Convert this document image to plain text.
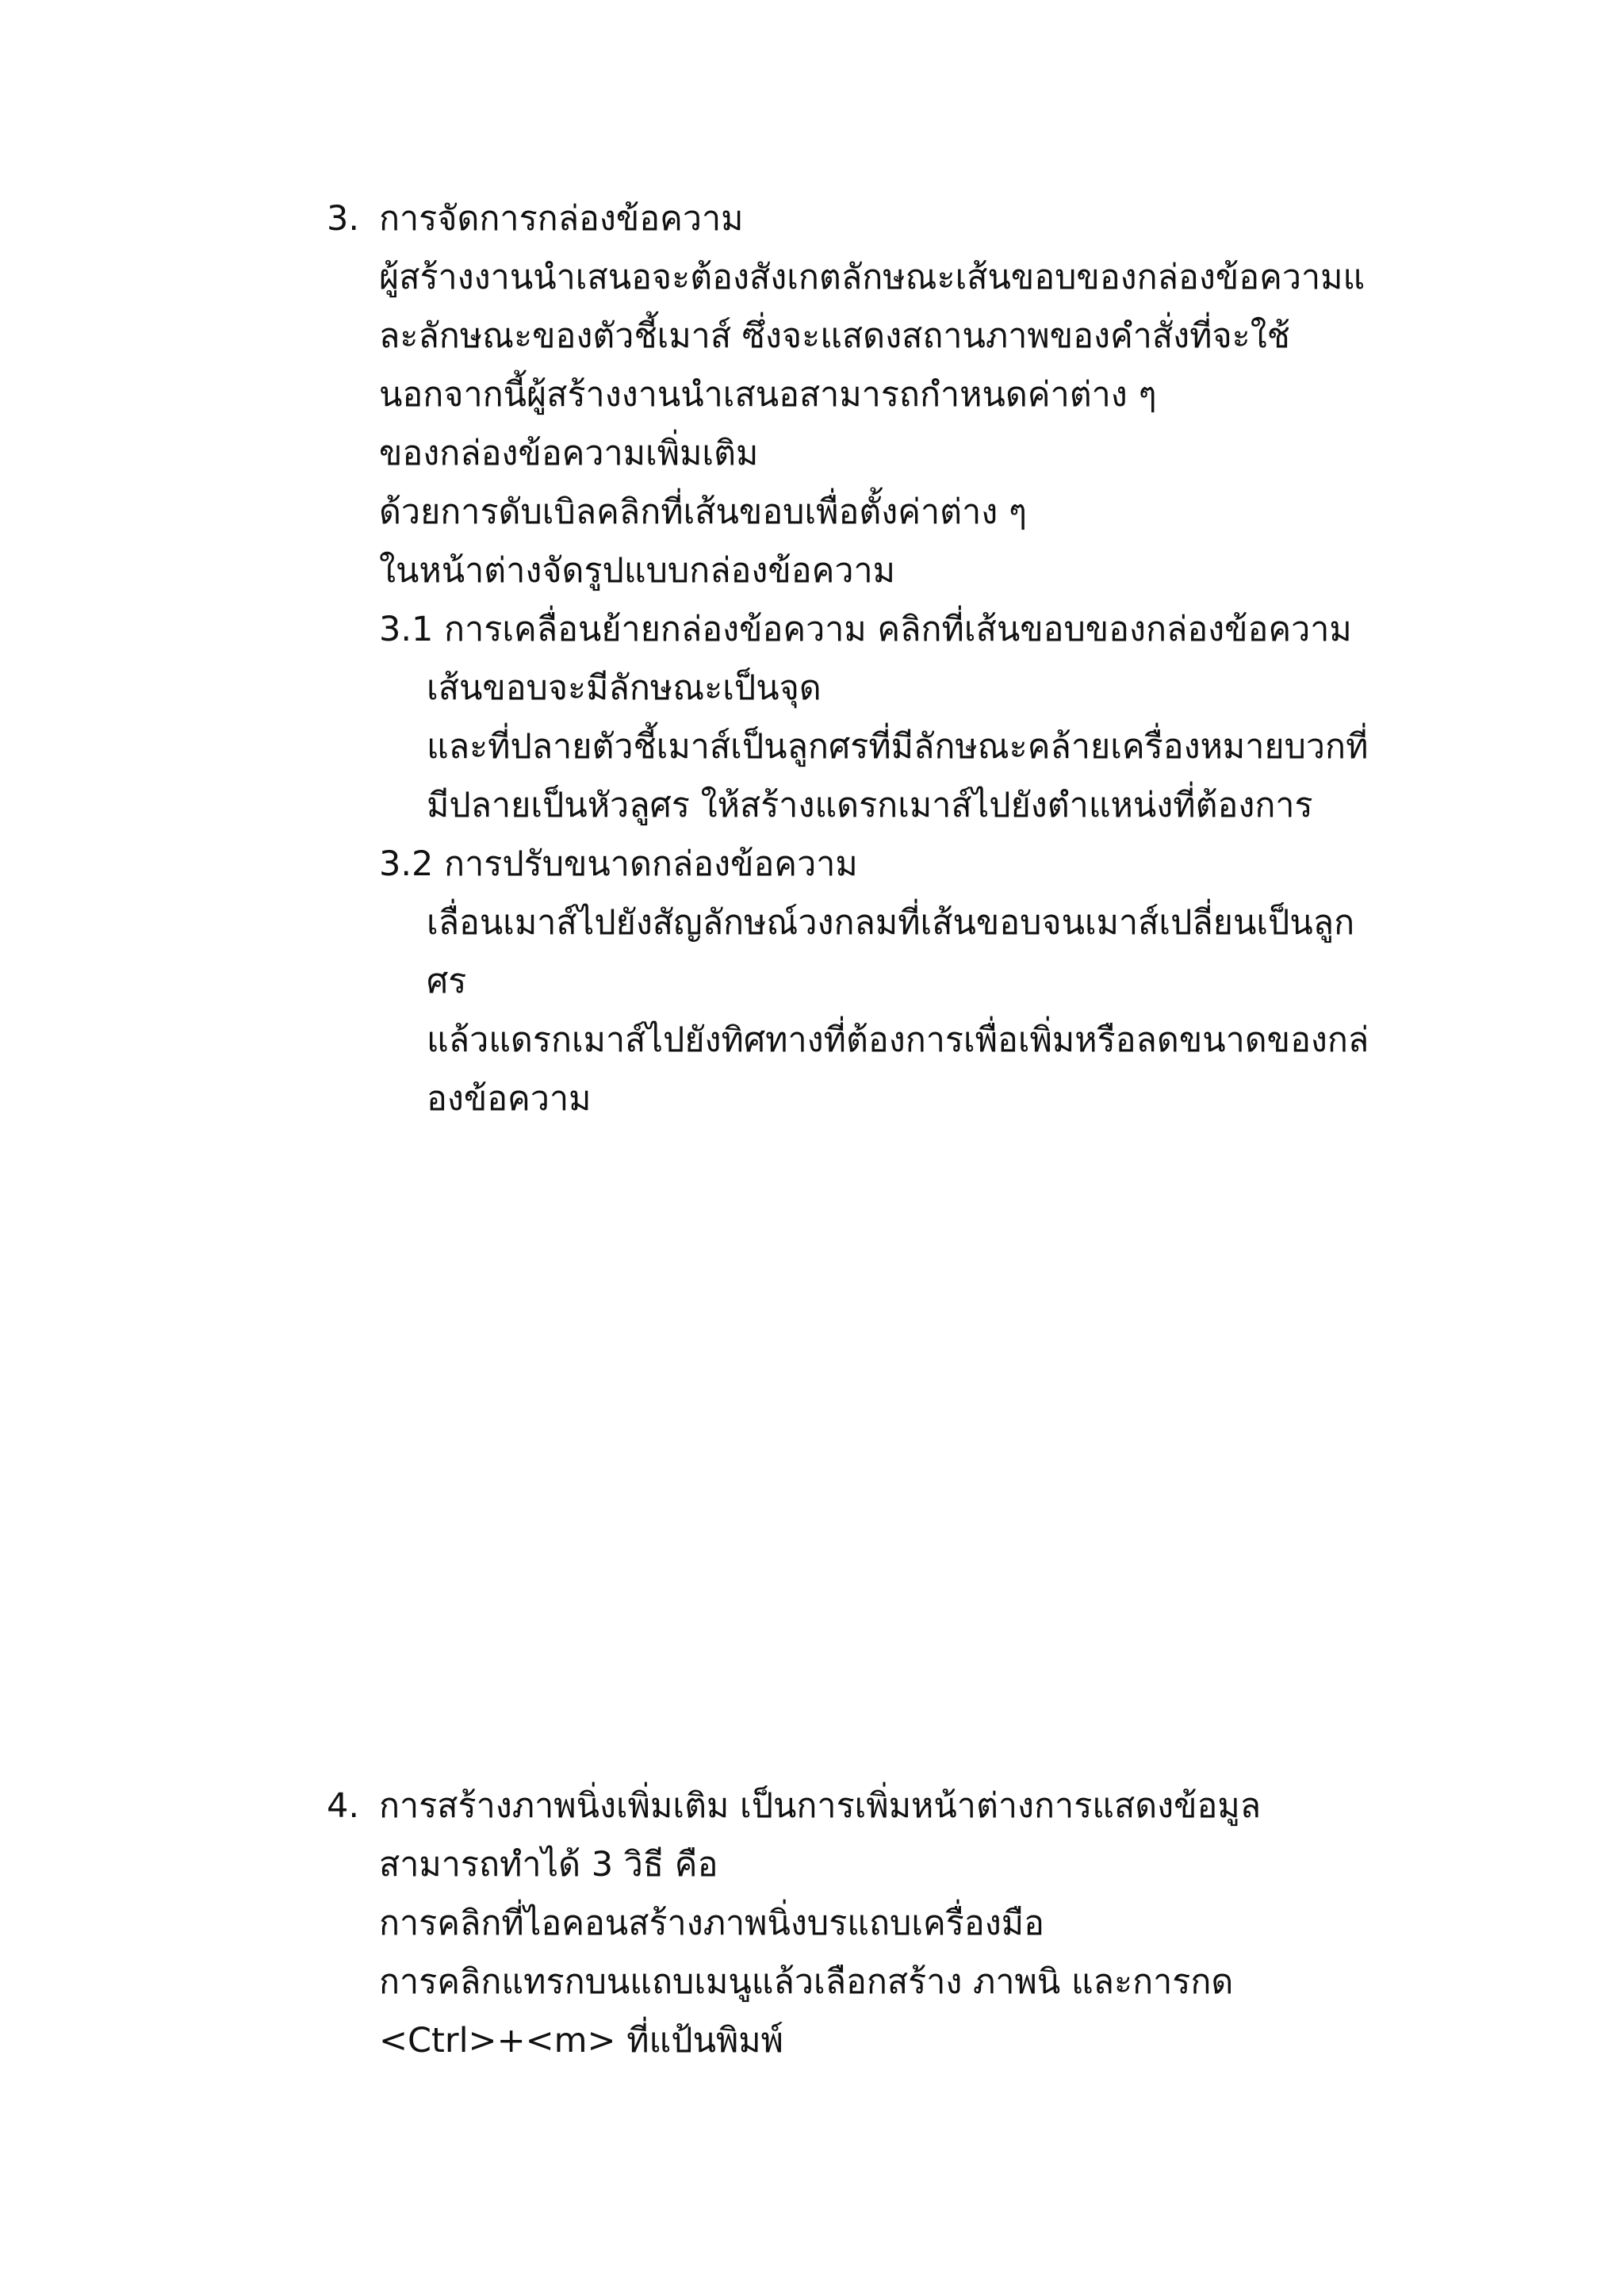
3. การจัดการกล่องข้อความ
ผู้สร้างงานนำเสนอจะต้องสังเกตลักษณะเส้นขอบของกล่องข้อความแ
ละลักษณะของตัวชี้เมาส์ ซึ่งจะแสดงสถานภาพของคำสั่งที่จะใช้
นอกจากนี้ผู้สร้างงานนำเสนอสามารถกำหนดค่าต่าง ๆ
ของกล่องข้อความเพิ่มเติม
ด้วยการดับเบิลคลิกที่เส้นขอบเพื่อตั้งค่าต่าง ๆ
ในหน้าต่างจัดรูปแบบกล่องข้อความ
3.1 การเคลื่อนย้ายกล่องข้อความ คลิกที่เส้นขอบของกล่องข้อความ
เส้นขอบจะมีลักษณะเป็นจุด
และที่ปลายตัวชี้เมาส์เป็นลูกศรที่มีลักษณะคล้ายเครื่องหมายบวกที่
มีปลายเป็นหัวลูศร ให้สร้างแดรกเมาส์ไปยังตำแหน่งที่ต้องการ
3.2 การปรับขนาดกล่องข้อความ
เลื่อนเมาส์ไปยังสัญลักษณ์วงกลมที่เส้นขอบจนเมาส์เปลี่ยนเป็นลูก
ศร
แล้วแดรกเมาส์ไปยังทิศทางที่ต้องการเพื่อเพิ่มหรือลดขนาดของกล่
องข้อความ
4. การสร้างภาพนิ่งเพิ่มเติม เป็นการเพิ่มหน้าต่างการแสดงข้อมูล
สามารถทำได้ 3 วิธี คือ
การคลิกที่ไอคอนสร้างภาพนิ่งบรแถบเครื่องมือ
การคลิกแทรกบนแถบเมนูแล้วเลือกสร้าง ภาพนิ และการกด
<Ctrl>+<m> ที่แป้นพิมพ์
